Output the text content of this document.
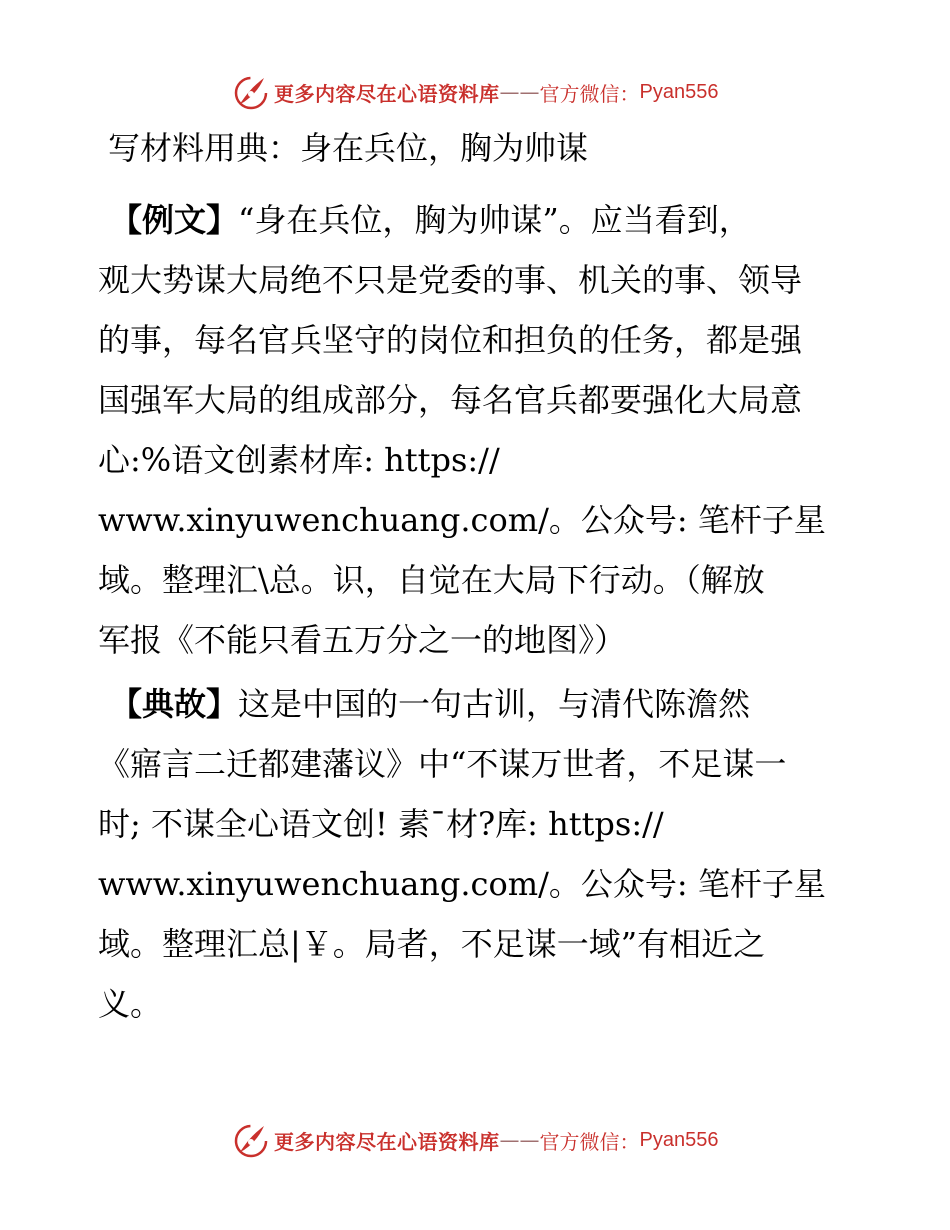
更多内容尽在心语资料库 —— 官方微信： Pyan556
写材料用典：身在兵位，胸为帅谋
【例文】“身在兵位，胸为帅谋”。应当看到，
观大势谋大局绝不只是党委的事、机关的事、领导
的事，每名官兵坚守的岗位和担负的任务，都是强
国强军大局的组成部分，每名官兵都要强化大局意
心:%语文创素材库: https://
www.xinyuwenchuang.com/。公众号: 笔杆子星
域。整理汇\总。识，自觉在大局下行动。（解放
军报《不能只看五万分之一的地图》）
【典故】这是中国的一句古训，与清代陈澹然
《寤言二迁都建藩议》中“不谋万世者，不足谋一
时; 不谋全心语文创! 素¯材?库: https://
www.xinyuwenchuang.com/。公众号: 笔杆子星
域。整理汇总|￥。局者，不足谋一域”有相近之
义。
更多内容尽在心语资料库 —— 官方微信： Pyan556
